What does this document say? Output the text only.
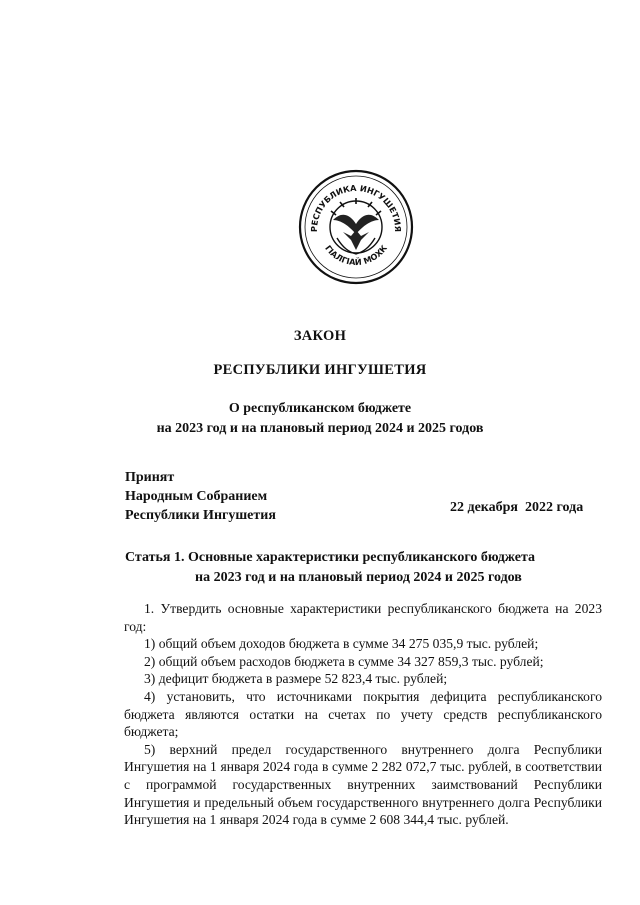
РЕСПУБЛИКА ИНГУШЕТИЯ
ГIАЛГIАЙ МОХК
ЗАКОН
РЕСПУБЛИКИ ИНГУШЕТИЯ
О республиканском бюджете
на 2023 год и на плановый период 2024 и 2025 годов
Принят
Народным Собранием
Республики Ингушетия
22 декабря  2022 года
Статья 1. Основные характеристики республиканского бюджета
на 2023 год и на плановый период 2024 и 2025 годов

1. Утвердить основные характеристики республиканского бюджета на 2023 год:

1) общий объем доходов бюджета в сумме 34 275 035,9 тыс. рублей;

2) общий объем расходов бюджета в сумме 34 327 859,3 тыс. рублей;

3) дефицит бюджета в размере 52 823,4 тыс. рублей;

4) установить, что источниками покрытия дефицита республиканского бюджета являются остатки на счетах по учету средств республиканского бюджета;

5) верхний предел государственного внутреннего долга Республики Ингушетия на 1 января 2024 года в сумме 2 282 072,7 тыс. рублей, в соответствии с программой государственных внутренних заимствований Республики Ингушетия и предельный объем государственного внутреннего долга Республики Ингушетия на 1 января 2024 года в сумме 2 608 344,4 тыс. рублей.
